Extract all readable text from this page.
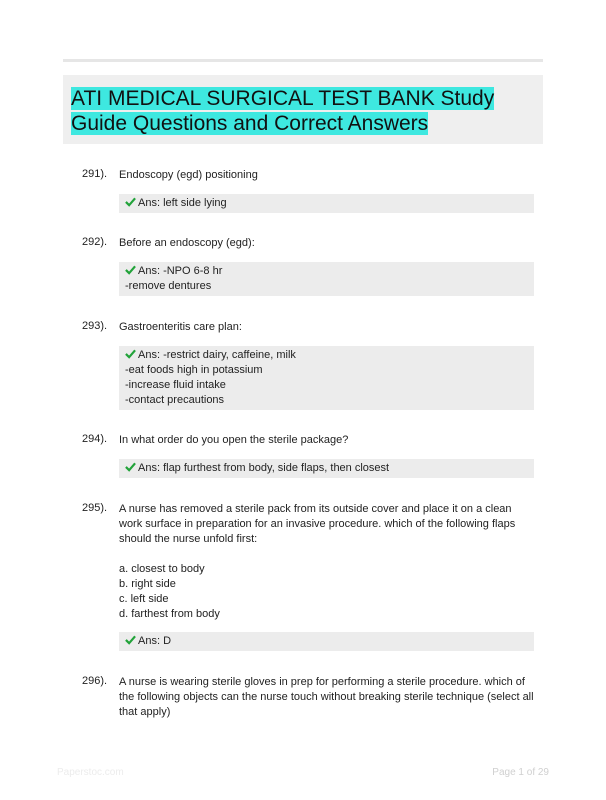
ATI MEDICAL SURGICAL TEST BANK Study Guide Questions and Correct Answers
291). Endoscopy (egd) positioning
Ans: left side lying
292). Before an endoscopy (egd):
Ans: -NPO 6-8 hr
-remove dentures
293). Gastroenteritis care plan:
Ans: -restrict dairy, caffeine, milk
-eat foods high in potassium
-increase fluid intake
-contact precautions
294). In what order do you open the sterile package?
Ans: flap furthest from body, side flaps, then closest
295). A nurse has removed a sterile pack from its outside cover and place it on a clean work surface in preparation for an invasive procedure. which of the following flaps should the nurse unfold first:
a. closest to body
b. right side
c. left side
d. farthest from body
Ans: D
296). A nurse is wearing sterile gloves in prep for performing a sterile procedure. which of the following objects can the nurse touch without breaking sterile technique (select all that apply)
Paperstoc.com	Page 1 of 29
